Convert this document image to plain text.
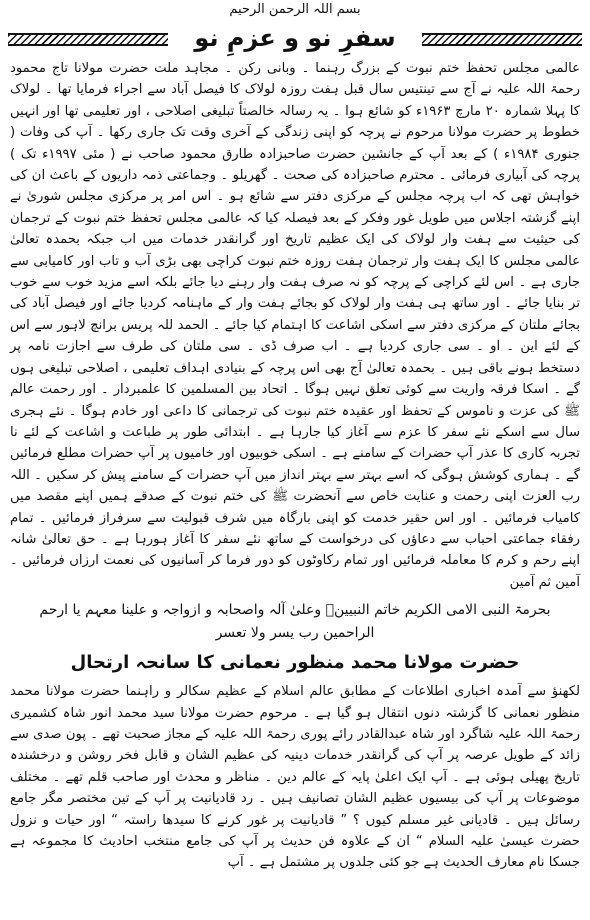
بسم اللہ الرحمن الرحیم
سفرِ نو و عزمِ نو

عالمی مجلس تحفظ ختم نبوت کے بزرگ رہنما ۔ وبانی رکن ۔ مجاہد ملت حضرت مولانا تاج محمود رحمۃ اللہ علیہ نے آج سے تینتیس سال قبل ہفت روزہ لولاک کا فیصل آباد سے اجراء فرمایا تھا ۔ لولاک کا پہلا شمارہ ۲۰ مارچ ۱۹۶۳ء کو شائع ہوا ۔ یہ رسالہ خالصتاً تبلیغی اصلاحی ، اور تعلیمی تھا اور انہیں خطوط پر حضرت مولانا مرحوم نے پرچہ کو اپنی زندگی کے آخری وقت تک جاری رکھا ۔ آپ کی وفات ( جنوری ۱۹۸۴ء ) کے بعد آپ کے جانشین حضرت صاحبزادہ طارق محمود صاحب نے ( مئی ۱۹۹۷ء تک ) پرچہ کی آبیاری فرمائی ۔ محترم صاحبزادہ کی صحت ۔ گھریلو ۔ وجماعتی ذمہ داریوں کے باعث ان کی خواہش تھی کہ اب پرچہ مجلس کے مرکزی دفتر سے شائع ہو ۔ اس امر پر مرکزی مجلس شوریٰ نے اپنے گزشتہ اجلاس میں طویل غور وفکر کے بعد فیصلہ کیا کہ عالمی مجلس تحفظ ختم نبوت کے ترجمان کی حیثیت سے ہفت وار لولاک کی ایک عظیم تاریخ اور گرانقدر خدمات میں اب جبکہ بحمدہ تعالیٰ عالمی مجلس کا ایک ہفت وار ترجمان ہفت روزہ ختم نبوت کراچی بھی بڑی آب و تاب اور کامیابی سے جاری ہے ۔ اس لئے کراچی کے پرچہ کو نہ صرف ہفت وار رہنے دیا جائے بلکہ اسے مزید خوب سے خوب تر بنایا جائے ۔ اور ساتھ ہی ہفت وار لولاک کو بجائے ہفت وار کے ماہنامہ کردیا جائے اور فیصل آباد کی بجائے ملتان کے مرکزی دفتر سے اسکی اشاعت کا اہتمام کیا جائے ۔ الحمد للہ پریس برانچ لاہور سے اس کے لئے این ۔ او ۔ سی جاری کردیا ہے ۔ اب صرف ڈی ۔ سی ملتان کی طرف سے اجازت نامہ پر دستخط ہونے باقی ہیں ۔ بحمدہ تعالیٰ آج بھی اس پرچہ کے بنیادی اہداف تعلیمی ، اصلاحی تبلیغی ہوں گے ۔ اسکا فرقہ واریت سے کوئی تعلق نہیں ہوگا ۔ اتحاد بین المسلمین کا علمبردار ۔ اور رحمت عالم ﷺ کی عزت و ناموس کے تحفظ اور عقیدہ ختم نبوت کی ترجمانی کا داعی اور خادم ہوگا ۔ نئے ہجری سال سے اسکے نئے سفر کا عزم سے آغاز کیا جارہا ہے ۔ ابتدائی طور پر طباعت و اشاعت کے لئے نا تجربہ کاری کا عذر آپ حضرات کے سامنے ہے ۔ اسکی خوبیوں اور خامیوں پر آپ حضرات مطلع فرمائیں گے ۔ ہماری کوشش ہوگی کہ اسے بہتر سے بہتر انداز میں آپ حضرات کے سامنے پیش کر سکیں ۔ اللہ رب العزت اپنی رحمت و عنایت خاص سے آنحضرت ﷺ کی ختم نبوت کے صدقے ہمیں اپنے مقصد میں کامیاب فرمائیں ۔ اور اس حقیر خدمت کو اپنی بارگاہ میں شرف قبولیت سے سرفراز فرمائیں ۔ تمام رفقاء جماعتی احباب سے دعاؤں کی درخواست کے ساتھ نئے سفر کا آغاز ہورہا ہے ۔ حق تعالیٰ شانہ اپنے رحم و کرم کا معاملہ فرمائیں اور تمام رکاوٹوں کو دور فرما کر آسانیوں کی نعمت ارزاں فرمائیں ۔ آمین ثم آمین

بحرمۃ النبی الامی الکریم خاتم النبیینؐ وعلیٰ آلہ واصحابہ و ازواجہ و علینا معہم یا ارحم الراحمین رب یسر ولا تعسر
حضرت مولانا محمد منظور نعمانی کا سانحہ ارتحال

لکھنؤ سے آمدہ اخباری اطلاعات کے مطابق عالم اسلام کے عظیم سکالر و راہنما حضرت مولانا محمد منظور نعمانی کا گزشتہ دنوں انتقال ہو گیا ہے ۔ مرحوم حضرت مولانا سید محمد انور شاہ کشمیری رحمۃ اللہ علیہ شاگرد اور شاہ عبدالقادر رائے پوری رحمۃ اللہ علیہ کے مجاز صحبت تھے ۔ پون صدی سے زائد کے طویل عرصہ پر آپ کی گرانقدر خدمات دینیہ کی عظیم الشان و قابل فخر روشن و درخشندہ تاریخ پھیلی ہوئی ہے ۔ آپ ایک اعلیٰ پایہ کے عالم دین ۔ مناظر و محدث اور صاحب قلم تھے ۔ مختلف موضوعات پر آپ کی بیسیوں عظیم الشان تصانیف ہیں ۔ رد قادیانیت پر آپ کے تین مختصر مگر جامع رسائل ہیں ۔ قادیانی غیر مسلم کیوں ؟ ” قادیانیت پر غور کرنے کا سیدھا راستہ “ اور حیات و نزول حضرت عیسیٰ علیہ السلام “ ان کے علاوہ فن حدیث پر آپ کی جامع منتخب احادیث کا مجموعہ ہے جسکا نام معارف الحدیث ہے جو کئی جلدوں پر مشتمل ہے ۔ آپ
